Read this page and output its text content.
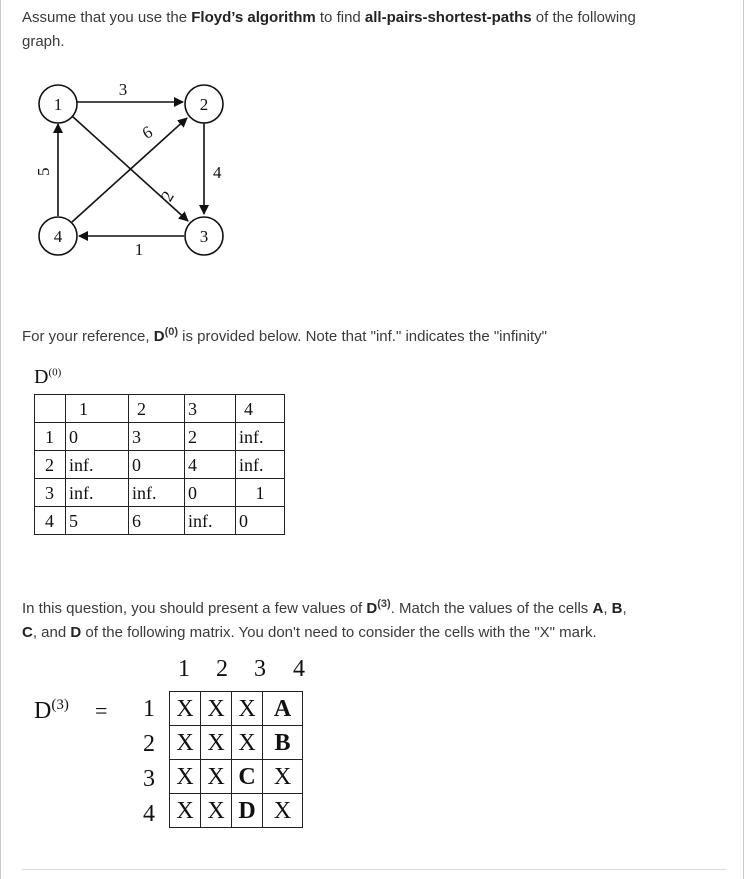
Assume that you use the Floyd’s algorithm to find all-pairs-shortest-paths of the following
graph.
1	2
3
4
3
4
1
5
6
2
For your reference, $D^{(0)}$ is provided below. Note that "inf." indicates the "infinity"
$D^{(0)}$
	1	2	3	4
1	0	3	2	inf.
2	inf.	0	4	inf.
3	inf.	inf.	0	1
4	5	6	inf.	0
In this question, you should present a few values of $D^{(3)}$. Match the values of the cells A, B,
C, and D of the following matrix. You don't need to consider the cells with the "X" mark.
1 2 3 4
$D^{(3)} = 1$
2
3
4
X	X	X	A
X	X	X	B
X	X	C	X
X	X	D	X
